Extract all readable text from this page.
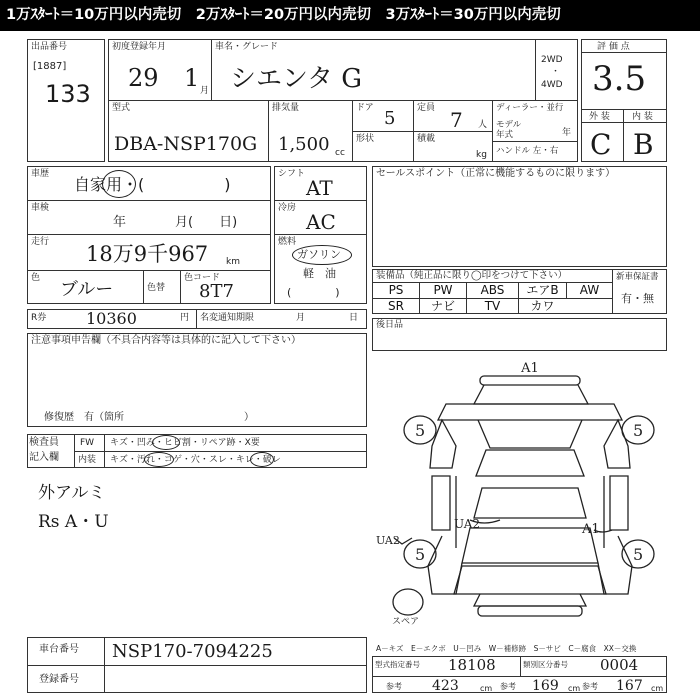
1万ｽﾀｰﾄ＝10万円以内売切　2万ｽﾀｰﾄ＝20万円以内売切　3万ｽﾀｰﾄ＝30万円以内売切
出品番号
[1887]
133
初度登録年月
29 1 月
車名・グレード
シエンタ G
2WD
・
4WD
型式
DBA-NSP170G
排気量
1,500 cc
ドア 5
形状
定員 7 人
積載
kg
ディーラー・並行
モデル
年式	年
ハンドル 左・右
評 価 点
3.5
外 装 内 装
C B
車歴
自家用・(　　　　　)
車検
年	月(　　日)
走行 18万9千967 km
色
ブルー	色替
色コード
8T7
シフト
AT
冷房
AC
燃料
ガソリン
軽　油
(　　　　)
R券 10360	円 名変通知期限	月	日
注意事項申告欄（不具合内容等は具体的に記入して下さい）
修復歴　有（箇所　　　　　　　　　　　　）
検査員
記入欄
FW キズ・凹み・ヒビ割・リペア跡・X要
内装 キズ・汚れ・コゲ・穴・スレ・キレ・破レ
外アルミ
Rs A・U
セールスポイント（正常に機能するものに限ります）
装備品（純正品に限り◯印をつけて下さい）	新車保証書
有・無
PS	PW	ABS	エアB	AW
SR	ナビ	TV	カワ
後日品
A1
UA2	A1
UA2
5	5
5	5
スペア
A－キズ　E－エクボ　U－凹み　W－補修跡　S－サビ　C－腐食　XX－交換
車台番号 NSP170-7094225
登録番号
型式指定番号 18108	類別区分番号 0004
参考 423	cm 参考 169 cm 参考 167 cm
